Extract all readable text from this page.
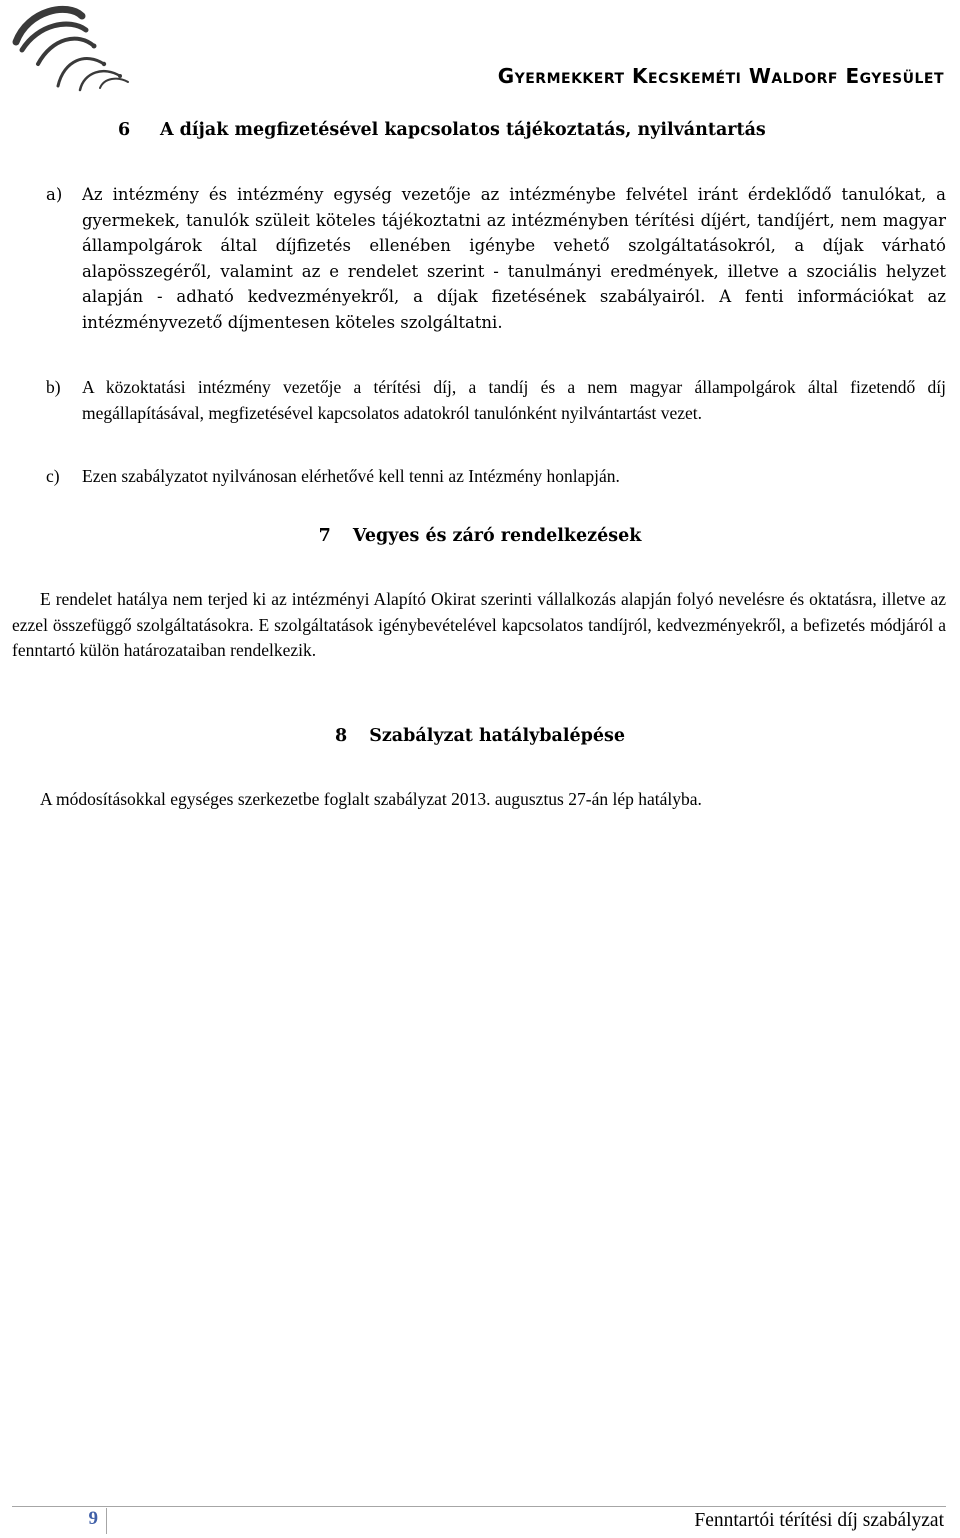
Gyermekkert Kecskeméti Waldorf Egyesület
6 A díjak megfizetésével kapcsolatos tájékoztatás, nyilvántartás
a) Az intézmény és intézmény egység vezetője az intézménybe felvétel iránt érdeklődő tanulókat, a gyermekek, tanulók szüleit köteles tájékoztatni az intézményben térítési díjért, tandíjért, nem magyar állampolgárok által díjfizetés ellenében igénybe vehető szolgáltatásokról, a díjak várható alapösszegéről, valamint az e rendelet szerint - tanulmányi eredmények, illetve a szociális helyzet alapján - adható kedvezményekről, a díjak fizetésének szabályairól. A fenti információkat az intézményvezető díjmentesen köteles szolgáltatni.
b) A közoktatási intézmény vezetője a térítési díj, a tandíj és a nem magyar állampolgárok által fizetendő díj megállapításával, megfizetésével kapcsolatos adatokról tanulónként nyilvántartást vezet.
c) Ezen szabályzatot nyilvánosan elérhetővé kell tenni az Intézmény honlapján.
7 Vegyes és záró rendelkezések
E rendelet hatálya nem terjed ki az intézményi Alapító Okirat szerinti vállalkozás alapján folyó nevelésre és oktatásra, illetve az ezzel összefüggő szolgáltatásokra. E szolgáltatások igénybevételével kapcsolatos tandíjról, kedvezményekről, a befizetés módjáról a fenntartó külön határozataiban rendelkezik.
8 Szabályzat hatálybalépése
A módosításokkal egységes szerkezetbe foglalt szabályzat 2013. augusztus 27-án lép hatályba.
9	Fenntartói térítési díj szabályzat
